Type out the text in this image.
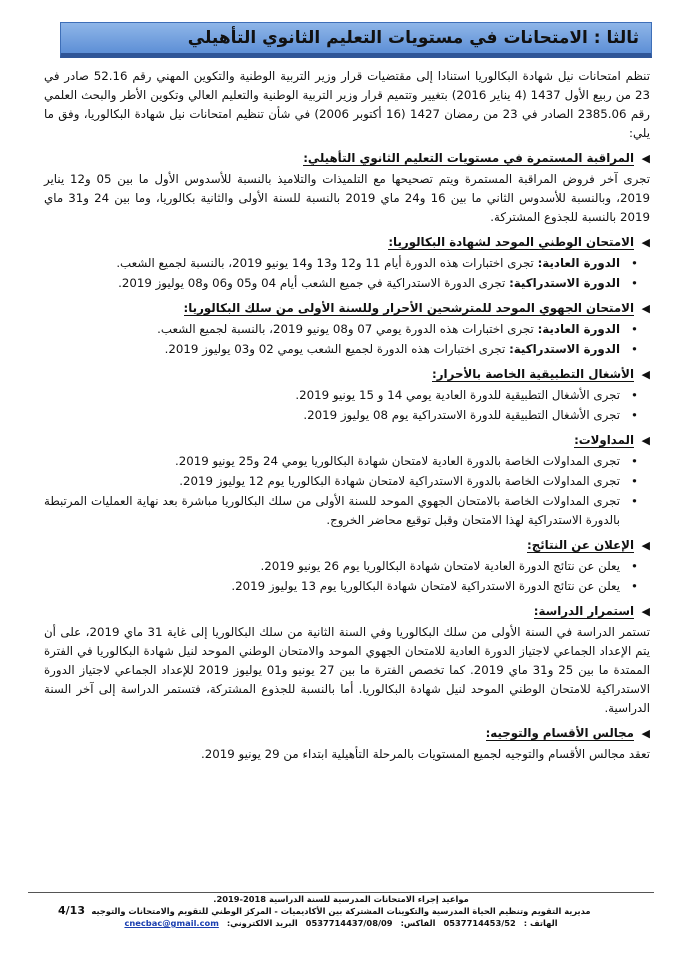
ثالثا : الامتحانات في مستويات التعليم الثانوي التأهيلي

تنظم امتحانات نيل شهادة البكالوريا استنادا إلى مقتضيات قرار وزير التربية الوطنية والتكوين المهني رقم 52.16 صادر في 23 من ربيع الأول 1437 (4 يناير 2016) بتغيير وتتميم قرار وزير التربية الوطنية والتعليم العالي وتكوين الأطر والبحث العلمي رقم 2385.06 الصادر في 23 من رمضان 1427 (16 أكتوبر 2006) في شأن تنظيم امتحانات نيل شهادة البكالوريا، وفق ما يلي:

◀
المراقبة المستمرة في مستويات التعليم الثانوي التأهيلي:

تجرى آخر فروض المراقبة المستمرة ويتم تصحيحها مع التلميذات والتلاميذ بالنسبة للأسدوس الأول ما بين 05 و12 يناير 2019، وبالنسبة للأسدوس الثاني ما بين 16 و24 ماي 2019 بالنسبة للسنة الأولى والثانية بكالوريا، وما بين 24 و31 ماي 2019 بالنسبة للجذوع المشتركة.

◀
الامتحان الوطني الموحد لشهادة البكالوريا:
•
الدورة العادية: تجرى اختبارات هذه الدورة أيام 11 و12 و13 و14 يونيو 2019، بالنسبة لجميع الشعب.
•
الدورة الاستدراكية: تجرى الدورة الاستدراكية في جميع الشعب أيام 04 و05 و06 و08 يوليوز 2019.
◀
الامتحان الجهوي الموحد للمترشحين الأحرار وللسنة الأولى من سلك البكالوريا:
•
الدورة العادية: تجرى اختبارات هذه الدورة يومي 07 و08 يونيو 2019، بالنسبة لجميع الشعب.
•
الدورة الاستدراكية: تجرى اختبارات هذه الدورة لجميع الشعب يومي 02 و03 يوليوز 2019.
◀
الأشغال التطبيقية الخاصة بالأحرار:
•
تجرى الأشغال التطبيقية للدورة العادية يومي 14 و 15 يونيو 2019.
•
تجرى الأشغال التطبيقية للدورة الاستدراكية يوم 08 يوليوز 2019.
◀
المداولات:
•
تجرى المداولات الخاصة بالدورة العادية لامتحان شهادة البكالوريا يومي 24 و25 يونيو 2019.
•
تجرى المداولات الخاصة بالدورة الاستدراكية لامتحان شهادة البكالوريا يوم 12 يوليوز 2019.
•
تجرى المداولات الخاصة بالامتحان الجهوي الموحد للسنة الأولى من سلك البكالوريا مباشرة بعد نهاية العمليات المرتبطة بالدورة الاستدراكية لهذا الامتحان وقبل توقيع محاضر الخروج.
◀
الإعلان عن النتائج:
•
يعلن عن نتائج الدورة العادية لامتحان شهادة البكالوريا يوم 26 يونيو 2019.
•
يعلن عن نتائج الدورة الاستدراكية لامتحان شهادة البكالوريا يوم 13 يوليوز 2019.
◀
استمرار الدراسة:

تستمر الدراسة في السنة الأولى من سلك البكالوريا وفي السنة الثانية من سلك البكالوريا إلى غاية 31 ماي 2019، على أن يتم الإعداد الجماعي لاجتياز الدورة العادية للامتحان الجهوي الموحد والامتحان الوطني الموحد لنيل شهادة البكالوريا في الفترة الممتدة ما بين 25 و31 ماي 2019. كما تخصص الفترة ما بين 27 يونيو و01 يوليوز 2019 للإعداد الجماعي لاجتياز الدورة الاستدراكية للامتحان الوطني الموحد لنيل شهادة البكالوريا. أما بالنسبة للجذوع المشتركة، فتستمر الدراسة إلى آخر السنة الدراسية.

◀
مجالس الأقسام والتوجيه:

تعقد مجالس الأقسام والتوجيه لجميع المستويات بالمرحلة التأهيلية ابتداء من 29 يونيو 2019.

مواعيد إجراء الامتحانات المدرسية للسنة الدراسية 2018-2019.
مديرية التقويم وتنظيم الحياة المدرسية والتكوينات المشتركة بين الأكاديميات - المركز الوطني للتقويم والامتحانات والتوجيه
الهاتف :
0537714453/52
الفاكس:
0537714437/08/09
البريد الالكتروني:
cnecbac@gmail.com
4/13
